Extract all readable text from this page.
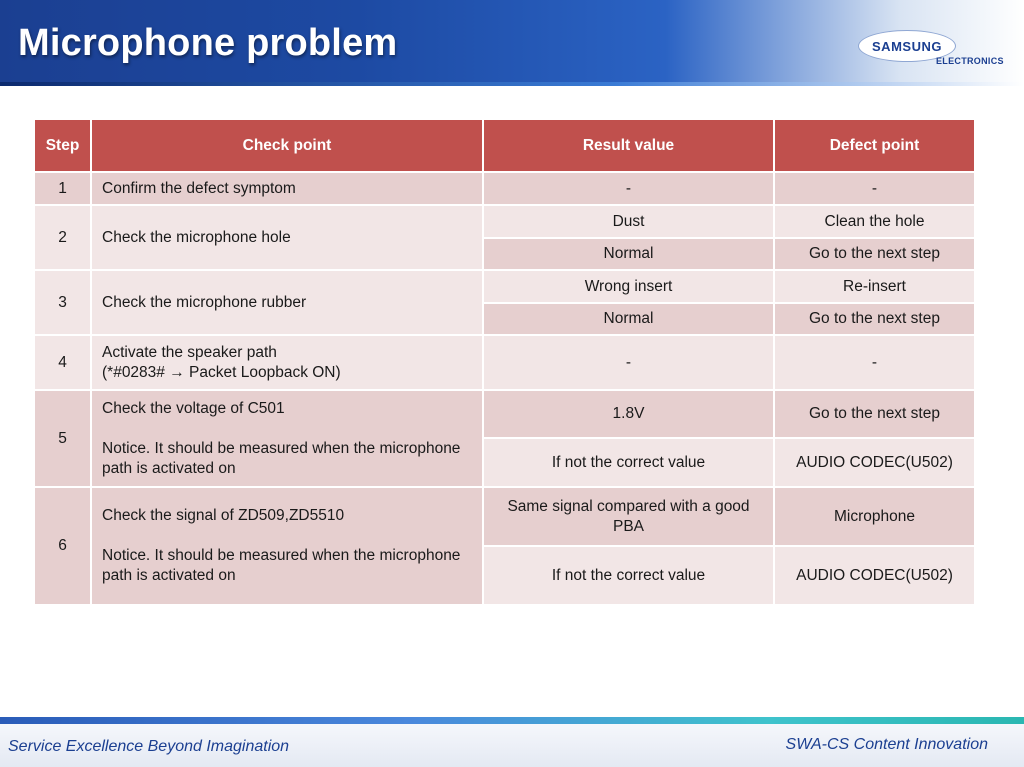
Microphone problem	SAMSUNG
ELECTRONICS
Step	Check point	Result value	Defect point
1	Confirm the defect symptom	-	-
2	Check the microphone hole	Dust	Clean the hole
		Normal	Go to the next step
3	Check the microphone rubber	Wrong insert	Re-insert
		Normal	Go to the next step
4	Activate the speaker path
(*#0283# → Packet Loopback ON)	-	-
5	Check the voltage of C501
Notice. It should be measured when the microphone path is activated on	1.8V	Go to the next step
		If not the correct value	AUDIO CODEC(U502)
6	Check the signal of ZD509,ZD5510
Notice. It should be measured when the microphone path is activated on	Same signal compared with a good PBA	Microphone
		If not the correct value	AUDIO CODEC(U502)
Service Excellence Beyond Imagination	SWA-CS Content Innovation
